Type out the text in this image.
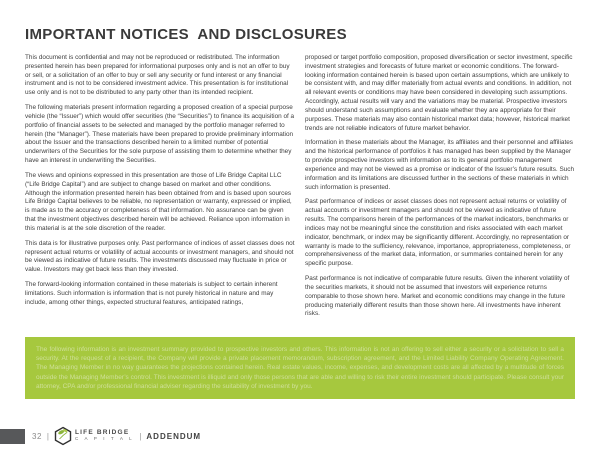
IMPORTANT NOTICES  AND DISCLOSURES

This document is confidential and may not be reproduced or redistributed. The information presented herein has been prepared for informational purposes only and is not an offer to buy or sell, or a solicitation of an offer to buy or sell any security or fund interest or any financial instrument and is not to be considered investment advice. This presentation is for institutional use only and is not to be distributed to any party other than its intended recipient.

The following materials present information regarding a proposed creation of a special purpose vehicle (the “Issuer”) which would offer securities (the “Securities”) to finance its acquisition of a portfolio of financial assets to be selected and managed by the portfolio manager referred to herein (the “Manager”). These materials have been prepared to provide preliminary information about the Issuer and the transactions described herein to a limited number of potential underwriters of the Securities for the sole purpose of assisting them to determine whether they have an interest in underwriting the Securities.

The views and opinions expressed in this presentation are those of Life Bridge Capital LLC (“Life Bridge Capital”) and are subject to change based on market and other conditions. Although the information presented herein has been obtained from and is based upon sources Life Bridge Capital believes to be reliable, no representation or warranty, expressed or implied, is made as to the accuracy or completeness of that information. No assurance can be given that the investment objectives described herein will be achieved. Reliance upon information in this material is at the sole discretion of the reader.

This data is for illustrative purposes only. Past performance of indices of asset classes does not represent actual returns or volatility of actual accounts or investment managers, and should not be viewed as indicative of future results. The investments discussed may fluctuate in price or value. Investors may get back less than they invested.

The forward-looking information contained in these materials is subject to certain inherent limitations. Such information is information that is not purely historical in nature and may include, among other things, expected structural features, anticipated ratings,

proposed or target portfolio composition, proposed diversification or sector investment, specific investment strategies and forecasts of future market or economic conditions. The forward-looking information contained herein is based upon certain assumptions, which are unlikely to be consistent with, and may differ materially from actual events and conditions. In addition, not all relevant events or conditions may have been considered in developing such assumptions. Accordingly, actual results will vary and the variations may be material. Prospective investors should understand such assumptions and evaluate whether they are appropriate for their purposes. These materials may also contain historical market data; however, historical market trends are not reliable indicators of future market behavior.

Information in these materials about the Manager, its affiliates and their personnel and affiliates and the historical performance of portfolios it has managed has been supplied by the Manager to provide prospective investors with information as to its general portfolio management experience and may not be viewed as a promise or indicator of the Issuer’s future results. Such information and its limitations are discussed further in the sections of these materials in which such information is presented.

Past performance of indices or asset classes does not represent actual returns or volatility of actual accounts or investment managers and should not be viewed as indicative of future results. The comparisons herein of the performances of the market indicators, benchmarks or indices may not be meaningful since the constitution and risks associated with each market indicator, benchmark, or index may be significantly different. Accordingly, no representation or warranty is made to the sufficiency, relevance, importance, appropriateness, completeness, or comprehensiveness of the market data, information, or summaries contained herein for any specific purpose.

Past performance is not indicative of comparable future results. Given the inherent volatility of the securities markets, it should not be assumed that investors will experience returns comparable to those shown here. Market and economic conditions may change in the future producing materially different results than those shown here. All investments have inherent risks.

The following information is an investment summary provided to prospective investors and others. This information is not an offering to sell either a security or a solicitation to sell a security. At the request of a recipient, the Company will provide a private placement memorandum, subscription agreement, and the Limited Liability Company Operating Agreement. The Managing Member in no way guarantees the projections contained herein. Real estate values, income, expenses, and development costs are all affected by a multitude of forces outside the Managing Member’s control. This investment is illiquid and only those persons that are able and willing to risk their entire investment should participate. Please consult your attorney, CPA and/or professional financial adviser regarding the suitability of investment by you.
32 |	LIFE BRIDGE
C A P I T A L | ADDENDUM
